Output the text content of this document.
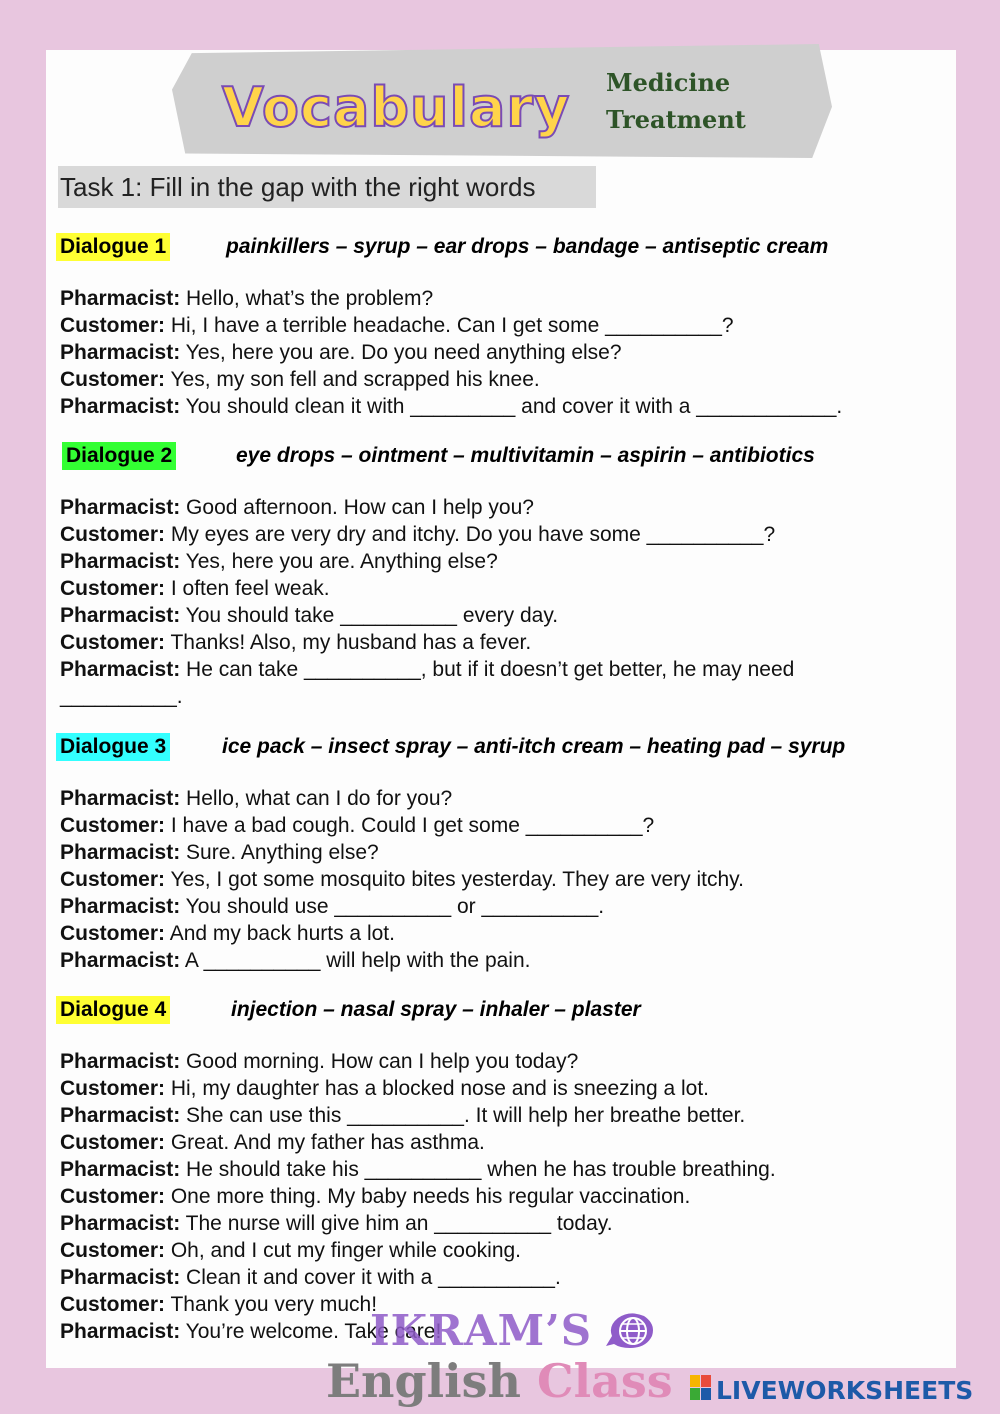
Vocabulary Medicine
Treatment
Task 1: Fill in the gap with the right words
Dialogue 1	painkillers – syrup – ear drops – bandage – antiseptic cream
Pharmacist: Hello, what’s the problem?
Customer: Hi, I have a terrible headache. Can I get some __________?
Pharmacist: Yes, here you are. Do you need anything else?
Customer: Yes, my son fell and scrapped his knee.
Pharmacist: You should clean it with _________ and cover it with a ____________.
Dialogue 2	eye drops – ointment – multivitamin – aspirin – antibiotics
Pharmacist: Good afternoon. How can I help you?
Customer: My eyes are very dry and itchy. Do you have some __________?
Pharmacist: Yes, here you are. Anything else?
Customer: I often feel weak.
Pharmacist: You should take __________ every day.
Customer: Thanks! Also, my husband has a fever.
Pharmacist: He can take __________, but if it doesn’t get better, he may need
__________.
Dialogue 3	ice pack – insect spray – anti-itch cream – heating pad – syrup
Pharmacist: Hello, what can I do for you?
Customer: I have a bad cough. Could I get some __________?
Pharmacist: Sure. Anything else?
Customer: Yes, I got some mosquito bites yesterday. They are very itchy.
Pharmacist: You should use __________ or __________.
Customer: And my back hurts a lot.
Pharmacist: A __________ will help with the pain.
Dialogue 4	injection – nasal spray – inhaler – plaster
Pharmacist: Good morning. How can I help you today?
Customer: Hi, my daughter has a blocked nose and is sneezing a lot.
Pharmacist: She can use this __________. It will help her breathe better.
Customer: Great. And my father has asthma.
Pharmacist: He should take his __________ when he has trouble breathing.
Customer: One more thing. My baby needs his regular vaccination.
Pharmacist: The nurse will give him an __________ today.
Customer: Oh, and I cut my finger while cooking.
Pharmacist: Clean it and cover it with a __________.
Customer: Thank you very much!
Pharmacist: You’re welcome. Take care!
IKRAM’S
English Class LIVEWORKSHEETS
